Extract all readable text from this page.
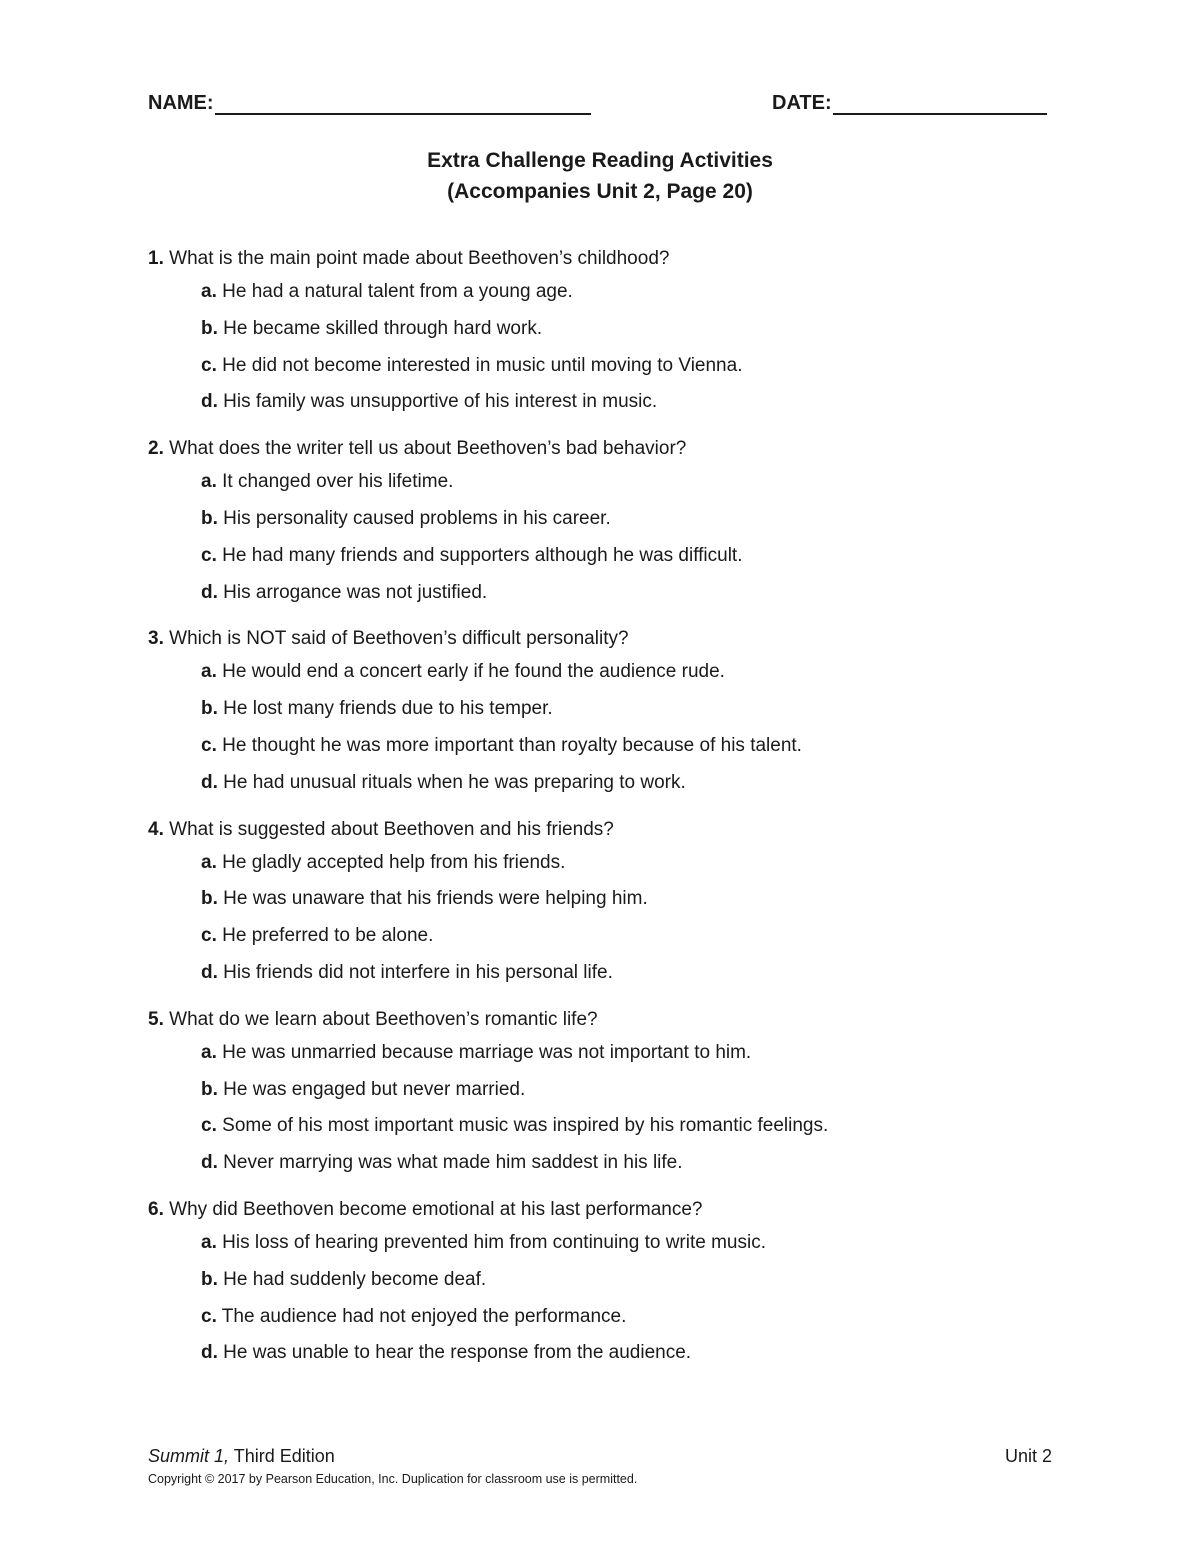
NAME:	DATE:
Extra Challenge Reading Activities
(Accompanies Unit 2, Page 20)
1. What is the main point made about Beethoven’s childhood?
a. He had a natural talent from a young age.
b. He became skilled through hard work.
c. He did not become interested in music until moving to Vienna.
d. His family was unsupportive of his interest in music.
2. What does the writer tell us about Beethoven’s bad behavior?
a. It changed over his lifetime.
b. His personality caused problems in his career.
c. He had many friends and supporters although he was difficult.
d. His arrogance was not justified.
3. Which is NOT said of Beethoven’s difficult personality?
a. He would end a concert early if he found the audience rude.
b. He lost many friends due to his temper.
c. He thought he was more important than royalty because of his talent.
d. He had unusual rituals when he was preparing to work.
4. What is suggested about Beethoven and his friends?
a. He gladly accepted help from his friends.
b. He was unaware that his friends were helping him.
c. He preferred to be alone.
d. His friends did not interfere in his personal life.
5. What do we learn about Beethoven’s romantic life?
a. He was unmarried because marriage was not important to him.
b. He was engaged but never married.
c. Some of his most important music was inspired by his romantic feelings.
d. Never marrying was what made him saddest in his life.
6. Why did Beethoven become emotional at his last performance?
a. His loss of hearing prevented him from continuing to write music.
b. He had suddenly become deaf.
c. The audience had not enjoyed the performance.
d. He was unable to hear the response from the audience.
Summit 1, Third Edition	Unit 2
Copyright © 2017 by Pearson Education, Inc. Duplication for classroom use is permitted.
